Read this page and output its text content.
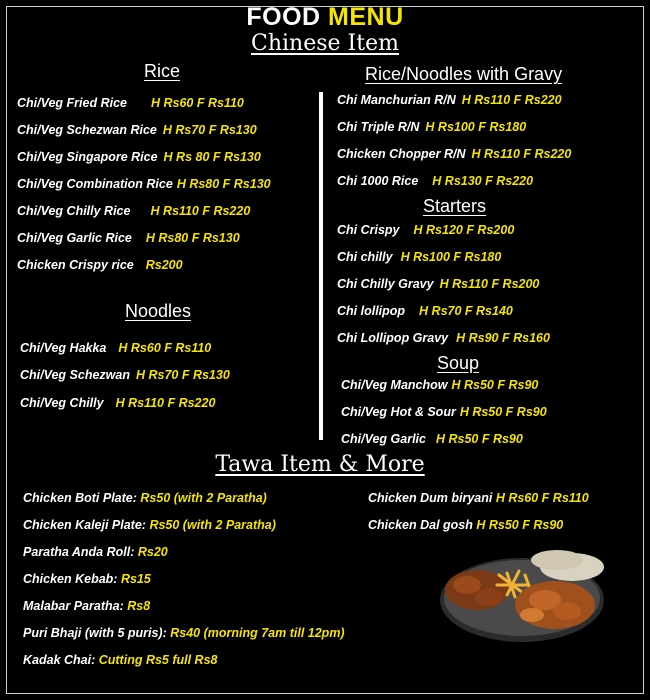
FOOD MENU
Chinese Item
Rice
Chi/Veg Fried Rice H Rs60 F Rs110
Chi/Veg Schezwan Rice H Rs70 F Rs130
Chi/Veg Singapore Rice H Rs 80 F Rs130
Chi/Veg Combination Rice H Rs80 F Rs130
Chi/Veg Chilly Rice H Rs110 F Rs220
Chi/Veg Garlic Rice H Rs80 F Rs130
Chicken Crispy rice Rs200
Noodles
Chi/Veg Hakka H Rs60 F Rs110
Chi/Veg Schezwan H Rs70 F Rs130
Chi/Veg Chilly H Rs110 F Rs220
Rice/Noodles with Gravy
Chi Manchurian R/N H Rs110 F Rs220
Chi Triple R/N H Rs100 F Rs180
Chicken Chopper R/N H Rs110 F Rs220
Chi 1000 Rice H Rs130 F Rs220
Starters
Chi Crispy H Rs120 F Rs200
Chi chilly H Rs100 F Rs180
Chi Chilly Gravy H Rs110 F Rs200
Chi lollipop H Rs70 F Rs140
Chi Lollipop Gravy H Rs90 F Rs160
Soup
Chi/Veg Manchow H Rs50 F Rs90
Chi/Veg Hot & Sour H Rs50 F Rs90
Chi/Veg Garlic H Rs50 F Rs90
Tawa Item & More
Chicken Boti Plate: Rs50 (with 2 Paratha)
Chicken Kaleji Plate: Rs50 (with 2 Paratha)
Paratha Anda Roll: Rs20
Chicken Kebab: Rs15
Malabar Paratha: Rs8
Puri Bhaji (with 5 puris): Rs40 (morning 7am till 12pm)
Kadak Chai: Cutting Rs5 full Rs8
Chicken Dum biryani H Rs60 F Rs110
Chicken Dal gosh H Rs50 F Rs90
